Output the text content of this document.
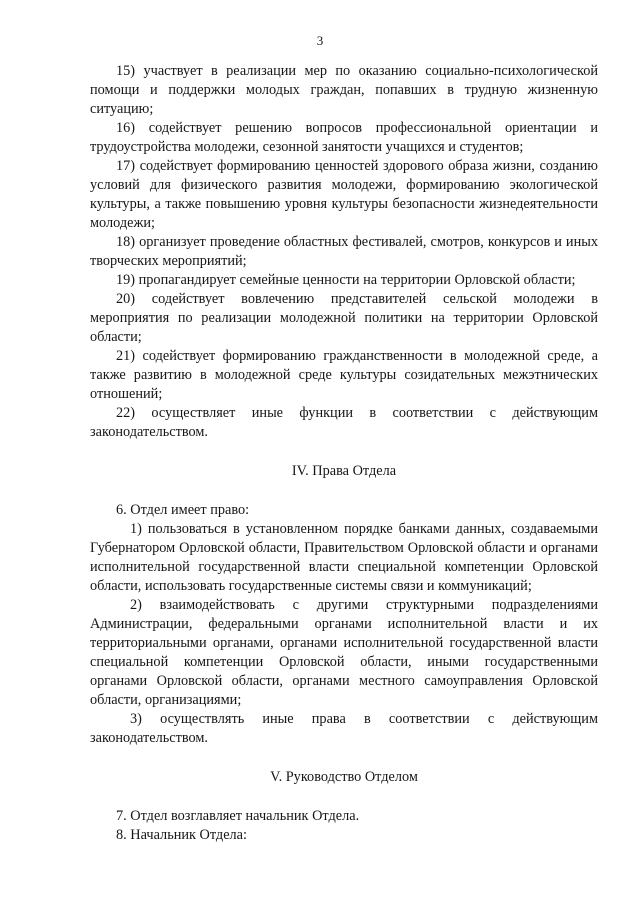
3

15) участвует в реализации мер по оказанию социально-психологической помощи и поддержки молодых граждан, попавших в трудную жизненную ситуацию;

16) содействует решению вопросов профессиональной ориентации и трудоустройства молодежи, сезонной занятости учащихся и студентов;

17) содействует формированию ценностей здорового образа жизни, созданию условий для физического развития молодежи, формированию экологической культуры, а также повышению уровня культуры безопасности жизнедеятельности молодежи;

18) организует проведение областных фестивалей, смотров, конкурсов и иных творческих мероприятий;

19) пропагандирует семейные ценности на территории Орловской области;

20) содействует вовлечению представителей сельской молодежи в мероприятия по реализации молодежной политики на территории Орловской области;

21) содействует формированию гражданственности в молодежной среде, а также развитию в молодежной среде культуры созидательных межэтнических отношений;

22) осуществляет иные функции в соответствии с действующим законодательством.

IV. Права Отдела

6. Отдел имеет право:

1) пользоваться в установленном порядке банками данных, создаваемыми Губернатором Орловской области, Правительством Орловской области и органами исполнительной государственной власти специальной компетенции Орловской области, использовать государственные системы связи и коммуникаций;

2) взаимодействовать с другими структурными подразделениями Администрации, федеральными органами исполнительной власти и их территориальными органами, органами исполнительной государственной власти специальной компетенции Орловской области, иными государственными органами Орловской области, органами местного самоуправления Орловской области, организациями;

3) осуществлять иные права в соответствии с действующим законодательством.

V. Руководство Отделом

7. Отдел возглавляет начальник Отдела.

8. Начальник Отдела:
